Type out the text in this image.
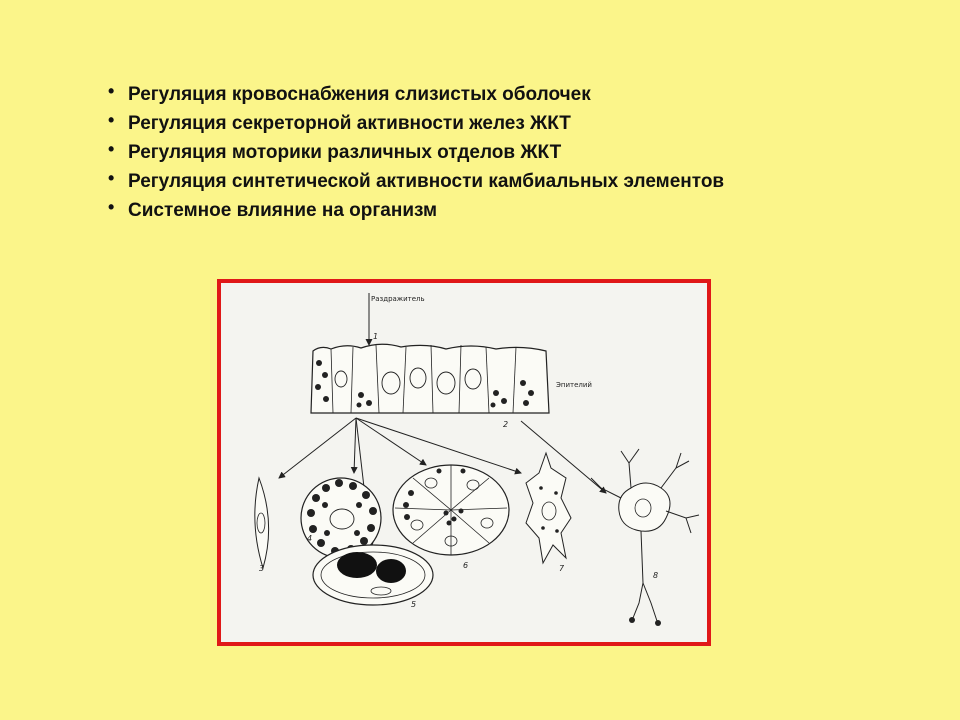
• Регуляция кровоснабжения слизистых оболочек
• Регуляция секреторной активности желез ЖКТ
• Регуляция моторики различных отделов ЖКТ
• Регуляция синтетической активности камбиальных элементов
• Системное влияние на организм
Раздражитель
1
Эпителий
2
3
4
6
5
7
8
